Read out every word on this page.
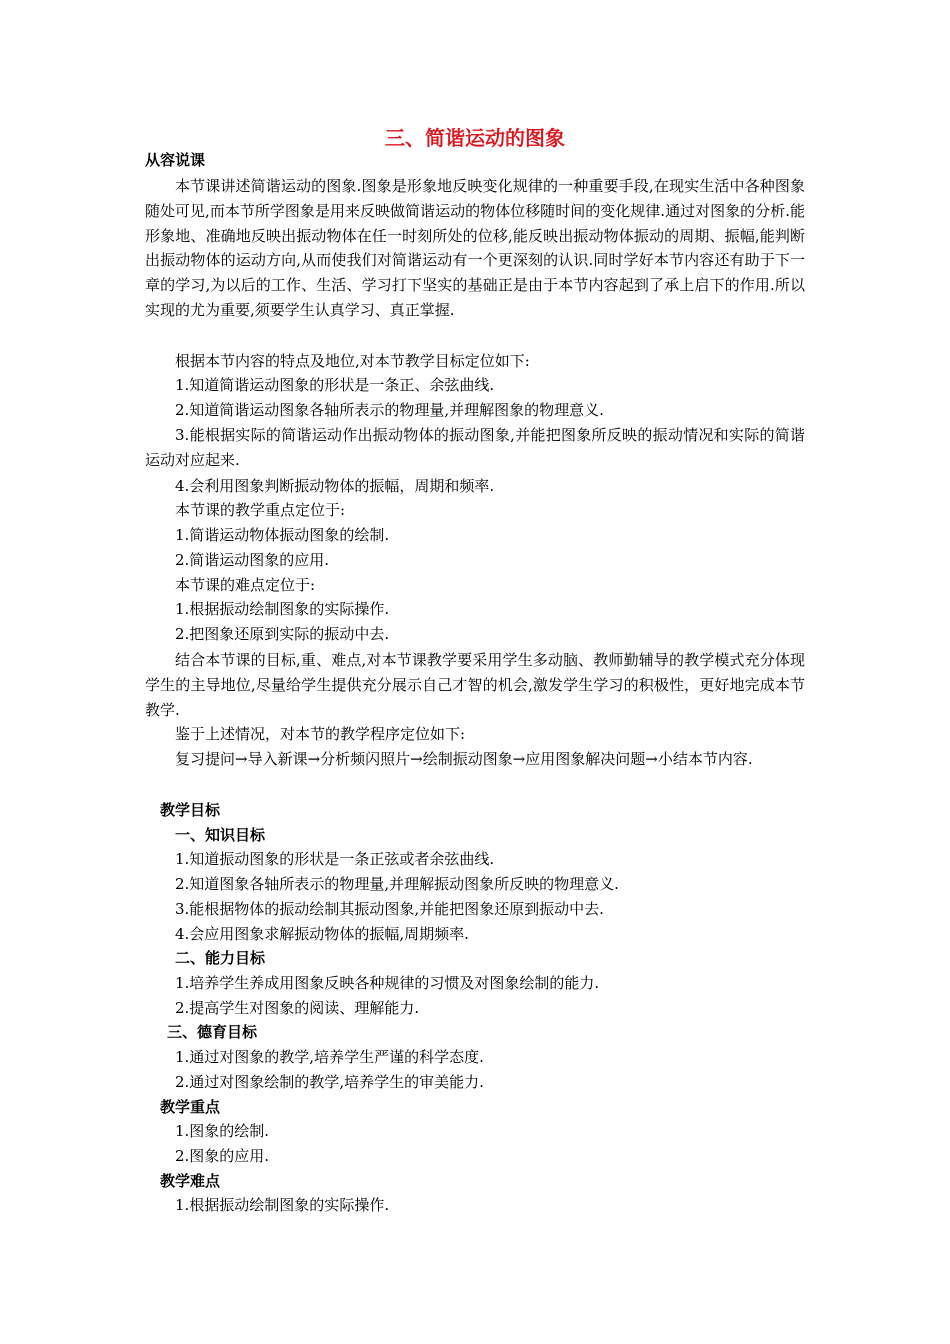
三、简谐运动的图象
从容说课
本节课讲述简谐运动的图象.图象是形象地反映变化规律的一种重要手段,在现实生活中各种图象随处可见,而本节所学图象是用来反映做简谐运动的物体位移随时间的变化规律.通过对图象的分析.能形象地、准确地反映出振动物体在任一时刻所处的位移,能反映出振动物体振动的周期、振幅,能判断出振动物体的运动方向,从而使我们对简谐运动有一个更深刻的认识.同时学好本节内容还有助于下一章的学习,为以后的工作、生活、学习打下坚实的基础正是由于本节内容起到了承上启下的作用.所以实现的尤为重要,须要学生认真学习、真正掌握.
根据本节内容的特点及地位,对本节教学目标定位如下:
1.知道简谐运动图象的形状是一条正、余弦曲线.
2.知道简谐运动图象各轴所表示的物理量,并理解图象的物理意义.
3.能根据实际的简谐运动作出振动物体的振动图象,并能把图象所反映的振动情况和实际的简谐运动对应起来.
4.会利用图象判断振动物体的振幅，周期和频率.
本节课的教学重点定位于:
1.简谐运动物体振动图象的绘制.
2.简谐运动图象的应用.
本节课的难点定位于:
1.根据振动绘制图象的实际操作.
2.把图象还原到实际的振动中去.
结合本节课的目标,重、难点,对本节课教学要采用学生多动脑、教师勤辅导的教学模式充分体现学生的主导地位,尽量给学生提供充分展示自己才智的机会,激发学生学习的积极性，更好地完成本节教学.
鉴于上述情况，对本节的教学程序定位如下:
复习提问→导入新课→分析频闪照片→绘制振动图象→应用图象解决问题→小结本节内容.
教学目标
一、知识目标
1.知道振动图象的形状是一条正弦或者余弦曲线.
2.知道图象各轴所表示的物理量,并理解振动图象所反映的物理意义.
3.能根据物体的振动绘制其振动图象,并能把图象还原到振动中去.
4.会应用图象求解振动物体的振幅,周期频率.
二、能力目标
1.培养学生养成用图象反映各种规律的习惯及对图象绘制的能力.
2.提高学生对图象的阅读、理解能力.
三、德育目标
1.通过对图象的教学,培养学生严谨的科学态度.
2.通过对图象绘制的教学,培养学生的审美能力.
教学重点
1.图象的绘制.
2.图象的应用.
教学难点
1.根据振动绘制图象的实际操作.
